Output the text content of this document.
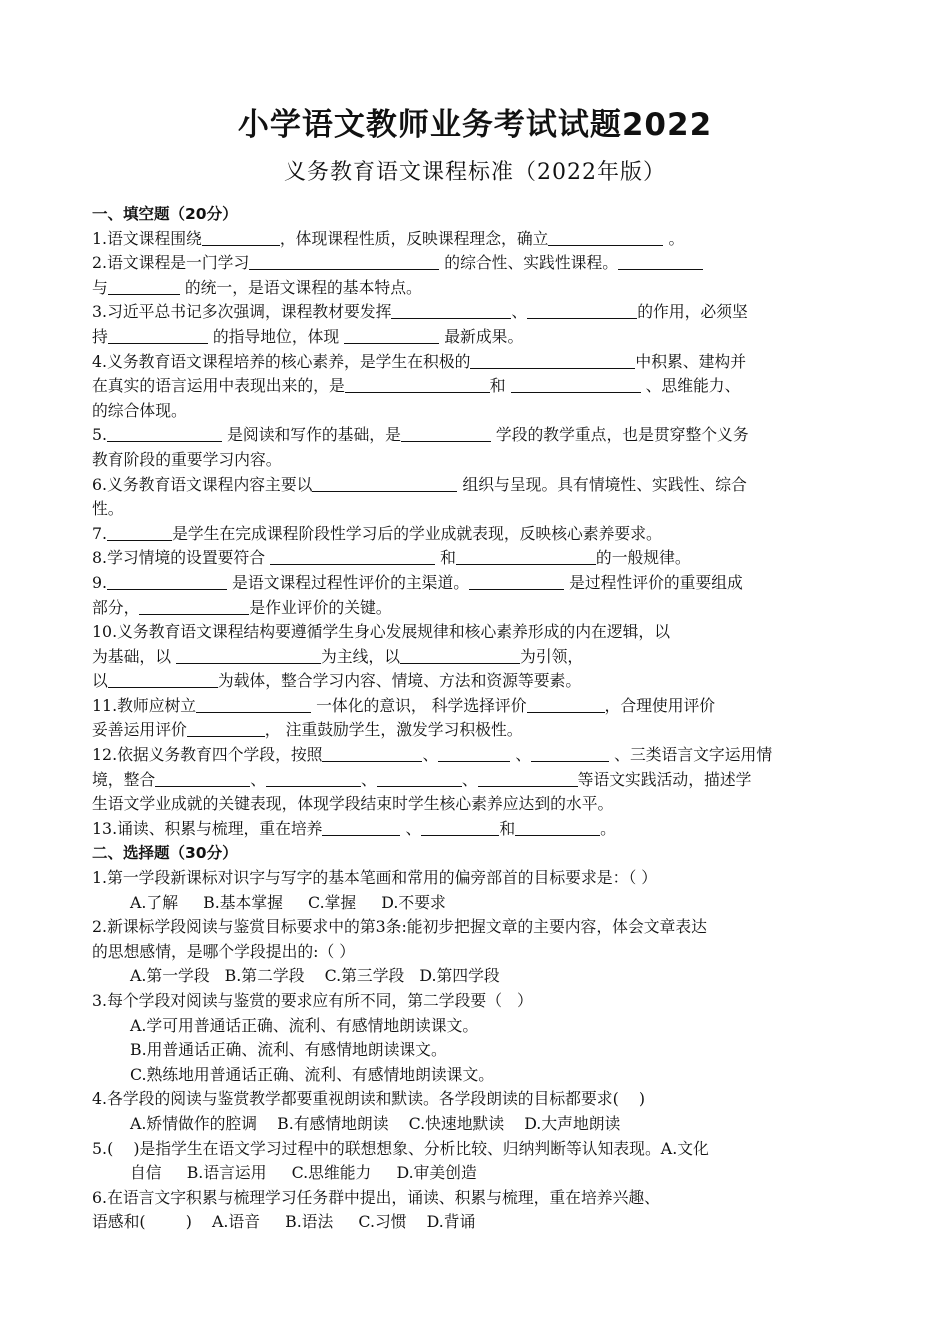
小学语文教师业务考试试题2022
义务教育语文课程标准（2022年版）
一、填空题（20分）
1.语文课程围绕	，体现课程性质，反映课程理念，确立	。
2.语文课程是一门学习	的综合性、实践性课程。
与	的统一，是语文课程的基本特点。
3.习近平总书记多次强调，课程教材要发挥	、	的作用，必须坚
持	的指导地位，体现	最新成果。
4.义务教育语文课程培养的核心素养，是学生在积极的	中积累、建构并
在真实的语言运用中表现出来的，是	和	、思维能力、
的综合体现。
5.	是阅读和写作的基础，是	学段的教学重点，也是贯穿整个义务
教育阶段的重要学习内容。
6.义务教育语文课程内容主要以	组织与呈现。具有情境性、实践性、综合
性。
7.	是学生在完成课程阶段性学习后的学业成就表现，反映核心素养要求。
8.学习情境的设置要符合	和	的一般规律。
9.	是语文课程过程性评价的主渠道。	是过程性评价的重要组成
部分，	是作业评价的关键。
10.义务教育语文课程结构要遵循学生身心发展规律和核心素养形成的内在逻辑，以
为基础，以	为主线，以	为引领，
以	为载体，整合学习内容、情境、方法和资源等要素。
11.教师应树立	一体化的意识， 科学选择评价	，合理使用评价
妥善运用评价	， 注重鼓励学生，激发学习积极性。
12.依据义务教育四个学段，按照	、	、	、三类语言文字运用情
境，整合	、	、	、	等语文实践活动，描述学
生语文学业成就的关键表现，体现学段结束时学生核心素养应达到的水平。
13.诵读、积累与梳理，重在培养	、	和	。
二、选择题（30分）
1.第一学段新课标对识字与写字的基本笔画和常用的偏旁部首的目标要求是：（ ）
A.了解     B.基本掌握     C.掌握     D.不要求
2.新课标学段阅读与鉴赏目标要求中的第3条:能初步把握文章的主要内容，体会文章表达
的思想感情，是哪个学段提出的:（ ）
A.第一学段   B.第二学段    C.第三学段   D.第四学段
3.每个学段对阅读与鉴赏的要求应有所不同，第二学段要（   ）
A.学可用普通话正确、流利、有感情地朗读课文。
B.用普通话正确、流利、有感情地朗读课文。
C.熟练地用普通话正确、流利、有感情地朗读课文。
4.各学段的阅读与鉴赏教学都要重视朗读和默读。各学段朗读的目标都要求(    )
A.矫情做作的腔调    B.有感情地朗读    C.快速地默读    D.大声地朗读
5.(    )是指学生在语文学习过程中的联想想象、分析比较、归纳判断等认知表现。A.文化
自信     B.语言运用     C.思维能力     D.审美创造
6.在语言文字积累与梳理学习任务群中提出，诵读、积累与梳理，重在培养兴趣、
语感和(        )    A.语音     B.语法     C.习惯    D.背诵
